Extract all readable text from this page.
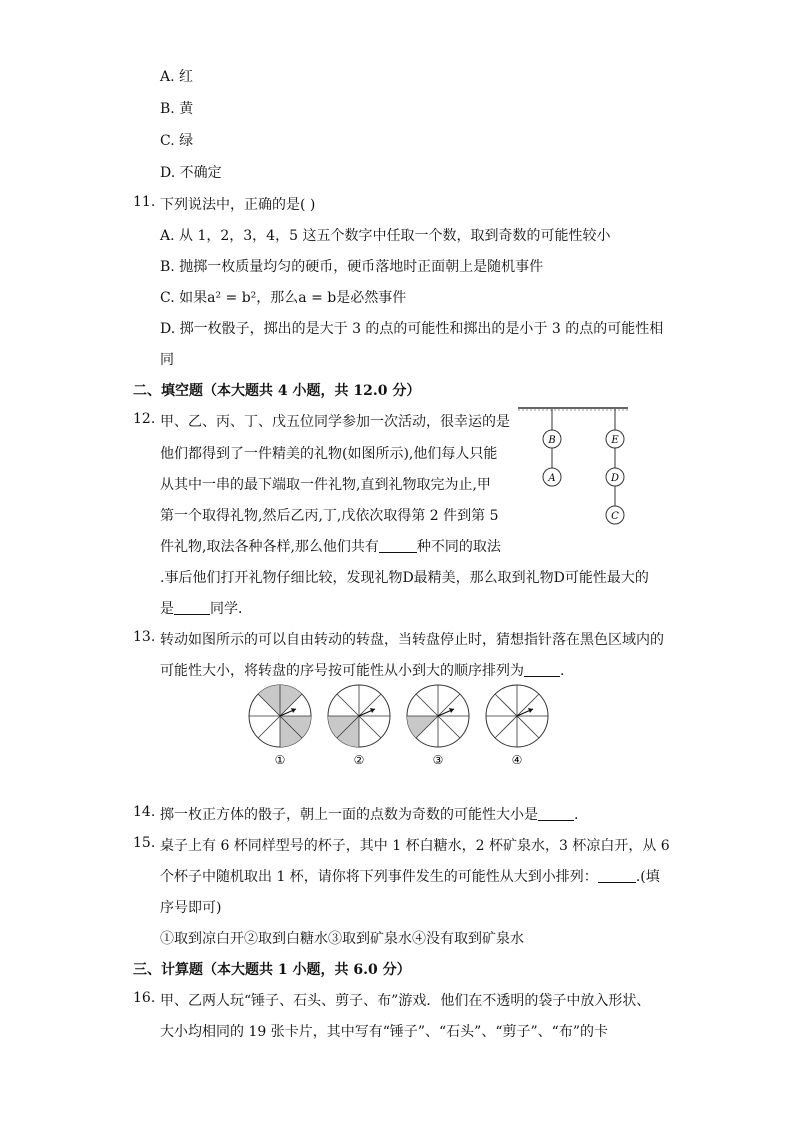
A. 红
B. 黄
C. 绿
D. 不确定
11. 下列说法中，正确的是( )
A. 从 1，2，3，4，5 这五个数字中任取一个数，取到奇数的可能性较小
B. 抛掷一枚质量均匀的硬币，硬币落地时正面朝上是随机事件
C. 如果a² = b²，那么a = b是必然事件
D. 掷一枚骰子，掷出的是大于 3 的点的可能性和掷出的是小于 3 的点的可能性相
同
二、填空题（本大题共 4 小题，共 12.0 分）
12. 甲、乙、丙、丁、戊五位同学参加一次活动，很幸运的是
他们都得到了一件精美的礼物(如图所示),他们每人只能
从其中一串的最下端取一件礼物,直到礼物取完为止,甲
第一个取得礼物,然后乙丙,丁,戊依次取得第 2 件到第 5
件礼物,取法各种各样,那么他们共有	种不同的取法
.事后他们打开礼物仔细比较，发现礼物D最精美，那么取到礼物D可能性最大的
是	同学．
B
A
E
D
C
13. 转动如图所示的可以自由转动的转盘，当转盘停止时，猜想指针落在黑色区域内的
可能性大小，将转盘的序号按可能性从小到大的顺序排列为	.
①	②	③	④
14. 掷一枚正方体的骰子，朝上一面的点数为奇数的可能性大小是	.
15. 桌子上有 6 杯同样型号的杯子，其中 1 杯白糖水，2 杯矿泉水，3 杯凉白开，从 6
个杯子中随机取出 1 杯，请你将下列事件发生的可能性从大到小排列：	.(填
序号即可)
①取到凉白开②取到白糖水③取到矿泉水④没有取到矿泉水
三、计算题（本大题共 1 小题，共 6.0 分）
16. 甲、乙两人玩“锤子、石头、剪子、布”游戏．他们在不透明的袋子中放入形状、
大小均相同的 19 张卡片，其中写有“锤子”、“石头”、“剪子”、“布”的卡
